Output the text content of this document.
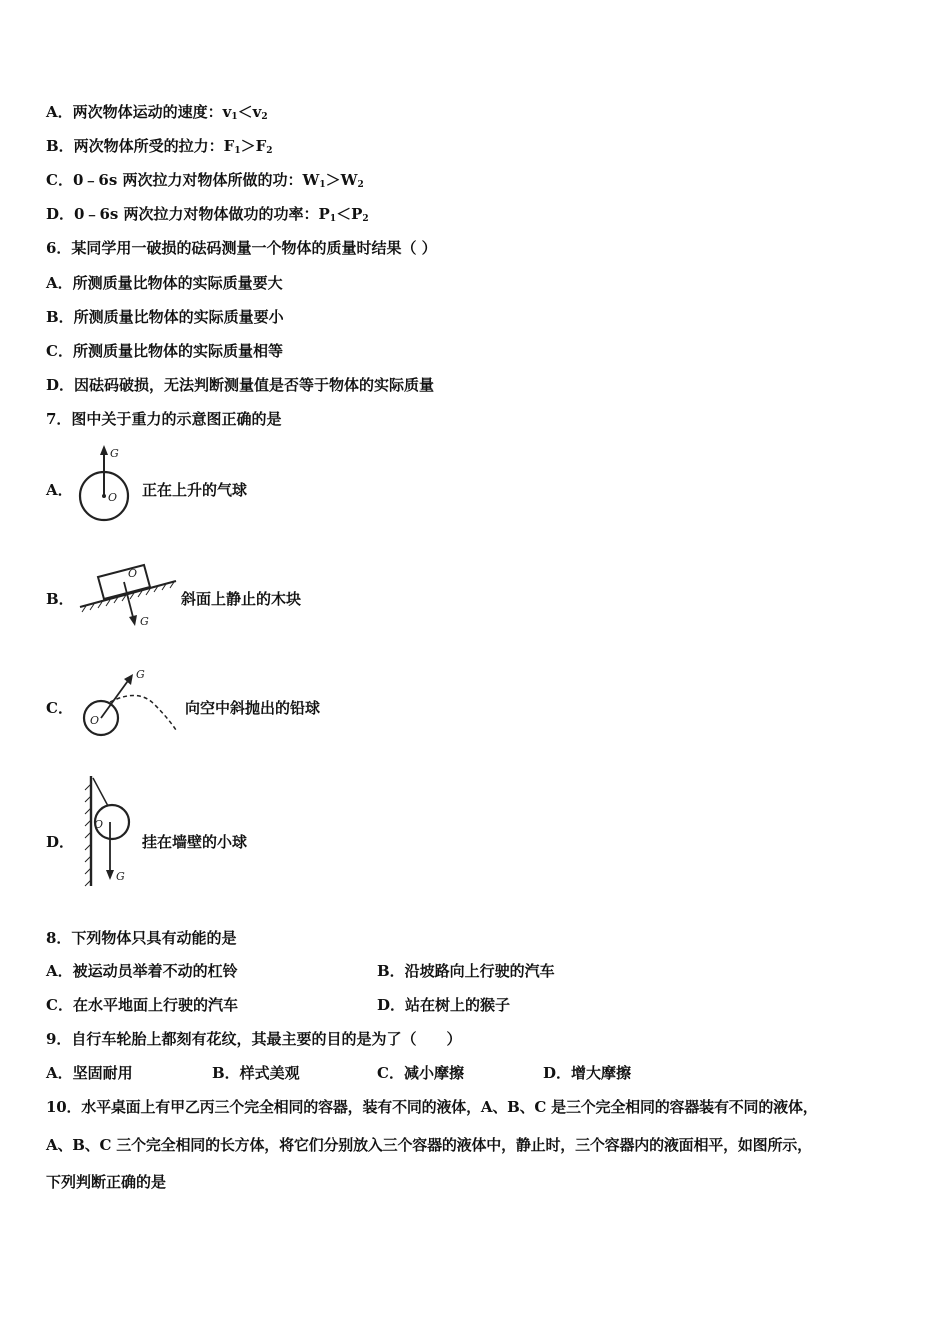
A．两次物体运动的速度：$v_1<v_2$
B．两次物体所受的拉力：$F_1>F_2$
C．0﹣6s 两次拉力对物体所做的功：$W_1>W_2$
D．0﹣6s 两次拉力对物体做功的功率：$P_1<P_2$
6．某同学用一破损的砝码测量一个物体的质量时结果（ ）
A．所测质量比物体的实际质量要大
B．所测质量比物体的实际质量要小
C．所测质量比物体的实际质量相等
D．因砝码破损，无法判断测量值是否等于物体的实际质量
7．图中关于重力的示意图正确的是
A．
G
O 正在上升的气球
B．
O
G
斜面上静止的木块
C．
G
O
向空中斜抛出的铅球
D．
O
G
挂在墙壁的小球
8．下列物体只具有动能的是
A．被运动员举着不动的杠铃	B．沿坡路向上行驶的汽车
C．在水平地面上行驶的汽车	D．站在树上的猴子
9．自行车轮胎上都刻有花纹，其最主要的目的是为了（　　）
A．坚固耐用	B．样式美观	C．减小摩擦	D．增大摩擦
10．水平桌面上有甲乙丙三个完全相同的容器，装有不同的液体，A、B、C 是三个完全相同的容器装有不同的液体，
A、B、C 三个完全相同的长方体，将它们分别放入三个容器的液体中，静止时，三个容器内的液面相平，如图所示，
下列判断正确的是
